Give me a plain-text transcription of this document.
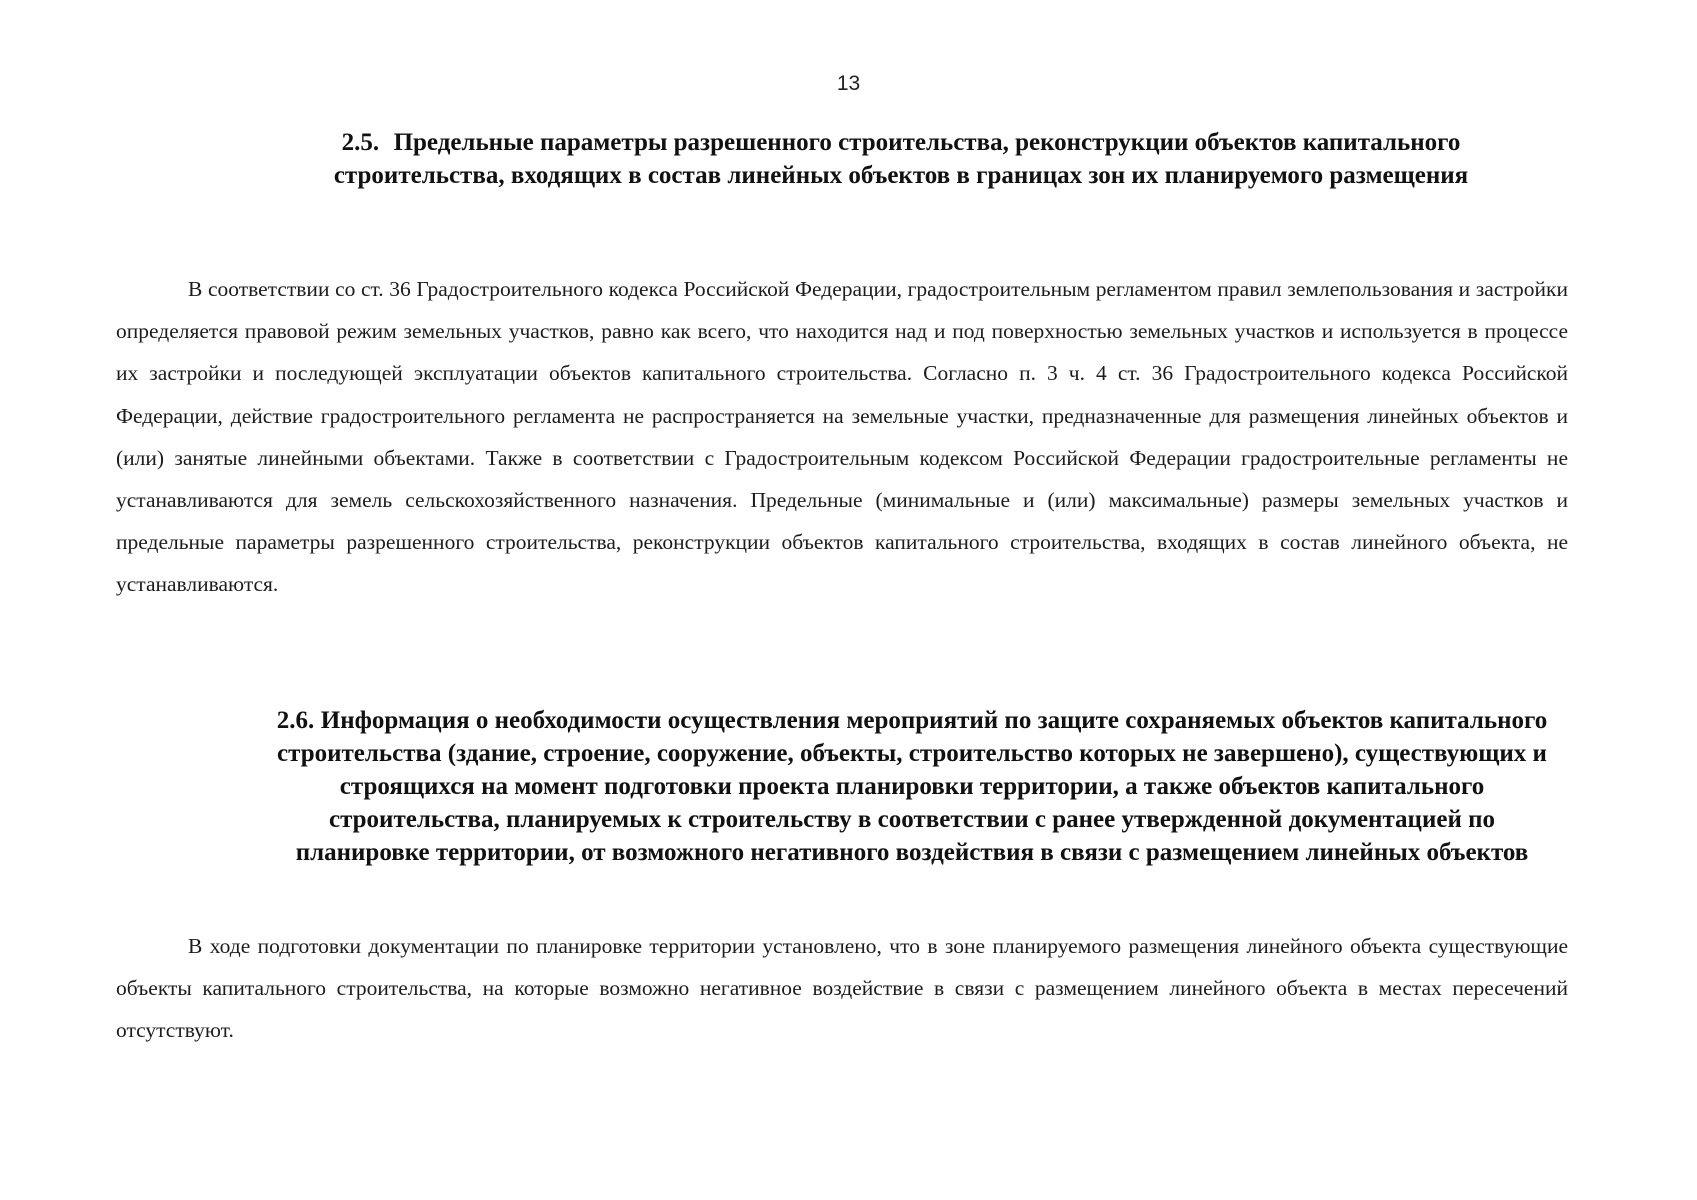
13
2.5. Предельные параметры разрешенного строительства, реконструкции объектов капитального строительства, входящих в состав линейных объектов в границах зон их планируемого размещения

В соответствии со ст. 36 Градостроительного кодекса Российской Федерации, градостроительным регламентом правил землепользования и застройки определяется правовой режим земельных участков, равно как всего, что находится над и под поверхностью земельных участков и используется в процессе их застройки и последующей эксплуатации объектов капитального строительства. Согласно п. 3 ч. 4 ст. 36 Градостроительного кодекса Российской Федерации, действие градостроительного регламента не распространяется на земельные участки, предназначенные для размещения линейных объектов и (или) занятые линейными объектами. Также в соответствии с Градостроительным кодексом Российской Федерации градостроительные регламенты не устанавливаются для земель сельскохозяйственного назначения. Предельные (минимальные и (или) максимальные) размеры земельных участков и предельные параметры разрешенного строительства, реконструкции объектов капитального строительства, входящих в состав линейного объекта, не устанавливаются.

2.6. Информация о необходимости осуществления мероприятий по защите сохраняемых объектов капитального строительства (здание, строение, сооружение, объекты, строительство которых не завершено), существующих и строящихся на момент подготовки проекта планировки территории, а также объектов капитального строительства, планируемых к строительству в соответствии с ранее утвержденной документацией по планировке территории, от возможного негативного воздействия в связи с размещением линейных объектов

В ходе подготовки документации по планировке территории установлено, что в зоне планируемого размещения линейного объекта существующие объекты капитального строительства, на которые возможно негативное воздействие в связи с размещением линейного объекта в местах пересечений отсутствуют.
